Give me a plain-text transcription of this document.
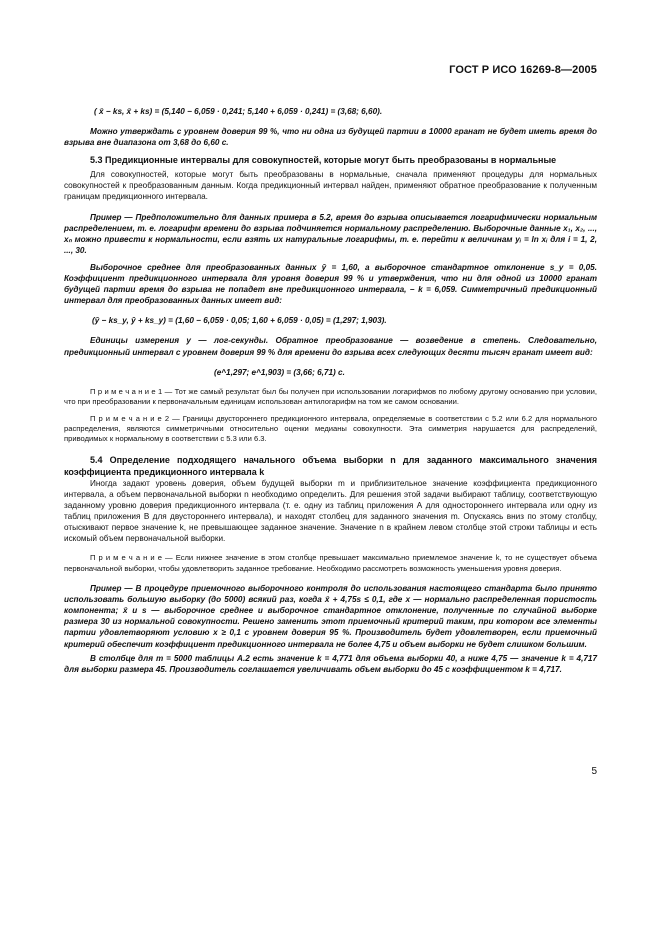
ГОСТ Р ИСО 16269-8—2005

( x̄ − ks, x̄ + ks) = (5,140 − 6,059 · 0,241; 5,140 + 6,059 · 0,241) = (3,68; 6,60).

Можно утверждать с уровнем доверия 99 %, что ни одна из будущей партии в 10000 гранат не будет иметь время до взрыва вне диапазона от 3,68 до 6,60 с.

5.3 Предикционные интервалы для совокупностей, которые могут быть преобразованы в нормальные

Для совокупностей, которые могут быть преобразованы в нормальные, сначала применяют процедуры для нормальных совокупностей к преобразованным данным. Когда предикционный интервал найден, применяют обратное преобразование к полученным границам предикционного интервала.

Пример — Предположительно для данных примера в 5.2, время до взрыва описывается логарифмически нормальным распределением, т. е. логарифм времени до взрыва подчиняется нормальному распределению. Выборочные данные x₁, x₂, ..., xₙ можно привести к нормальности, если взять их натуральные логарифмы, т. е. перейти к величинам yᵢ = ln xᵢ для i = 1, 2, ..., 30.

Выборочное среднее для преобразованных данных ȳ = 1,60, а выборочное стандартное отклонение s_y = 0,05. Коэффициент предикционного интервала для уровня доверия 99 % и утверждения, что ни для одной из 10000 гранат будущей партии время до взрыва не попадет вне предикционного интервала, – k = 6,059. Симметричный предикционный интервал для преобразованных данных имеет вид:

(ȳ − ks_y, ȳ + ks_y) = (1,60 − 6,059 · 0,05; 1,60 + 6,059 · 0,05) = (1,297; 1,903).

Единицы измерения y — лог-секунды. Обратное преобразование — возведение в степень. Следовательно, предикционный интервал с уровнем доверия 99 % для времени до взрыва всех следующих десяти тысяч гранат имеет вид:

(e^1,297; e^1,903) = (3,66; 6,71) c.

П р и м е ч а н и е 1 — Тот же самый результат был бы получен при использовании логарифмов по любому другому основанию при условии, что при преобразовании к первоначальным единицам использован антилогарифм на том же самом основании.

П р и м е ч а н и е 2 — Границы двустороннего предикционного интервала, определяемые в соответствии с 5.2 или 6.2 для нормального распределения, являются симметричными относительно оценки медианы совокупности. Эта симметрия нарушается для распределений, приводимых к нормальному в соответствии с 5.3 или 6.3.

5.4 Определение подходящего начального объема выборки n для заданного максимального значения коэффициента предикционного интервала k

Иногда задают уровень доверия, объем будущей выборки m и приблизительное значение коэффициента предикционного интервала, а объем первоначальной выборки n необходимо определить. Для решения этой задачи выбирают таблицу, соответствующую заданному уровню доверия предикционного интервала (т. е. одну из таблиц приложения А для одностороннего интервала или одну из таблиц приложения В для двустороннего интервала), и находят столбец для заданного значения m. Опускаясь вниз по этому столбцу, отыскивают первое значение k, не превышающее заданное значение. Значение n в крайнем левом столбце этой строки таблицы и есть искомый объем первоначальной выборки.

П р и м е ч а н и е — Если нижнее значение в этом столбце превышает максимально приемлемое значение k, то не существует объема первоначальной выборки, чтобы удовлетворить заданное требование. Необходимо рассмотреть возможность уменьшения уровня доверия.

Пример — В процедуре приемочного выборочного контроля до использования настоящего стандарта было принято использовать большую выборку (до 5000) всякий раз, когда x̄ + 4,75s ≤ 0,1, где x — нормально распределенная пористость компонента; x̄ и s — выборочное среднее и выборочное стандартное отклонение, полученные по случайной выборке размера 30 из нормальной совокупности. Решено заменить этот приемочный критерий таким, при котором все элементы партии удовлетворяют условию x ≥ 0,1 с уровнем доверия 95 %. Производитель будет удовлетворен, если приемочный критерий обеспечит коэффициент предикционного интервала не более 4,75 и объем выборки не будет слишком большим.

В столбце для m = 5000 таблицы А.2 есть значение k = 4,771 для объема выборки 40, а ниже 4,75 — значение k = 4,717 для выборки размера 45. Производитель соглашается увеличивать объем выборки до 45 с коэффициентом k = 4,717.

5
